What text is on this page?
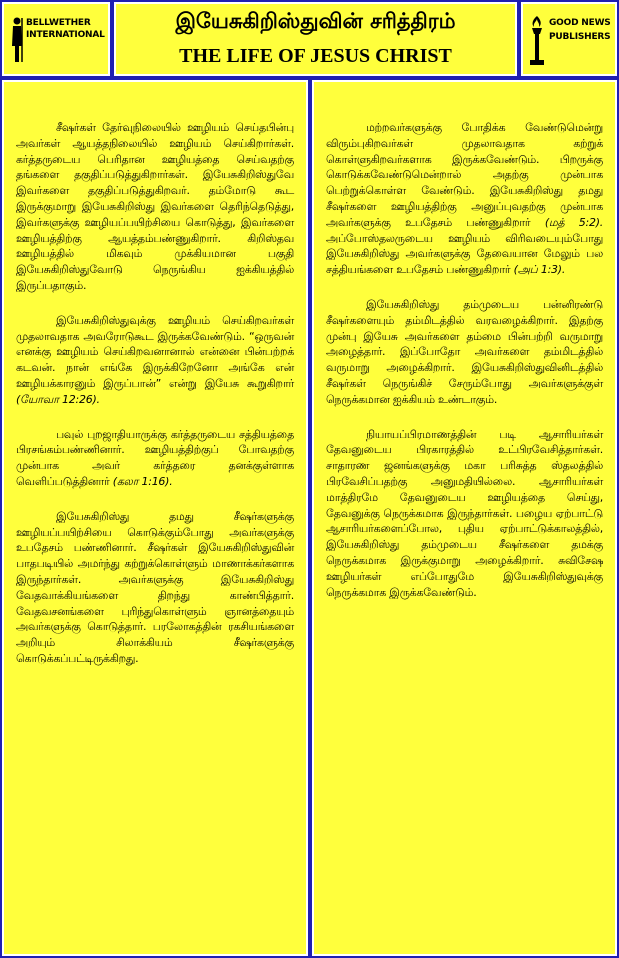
BELLWETHER INTERNATIONAL
இயேசுகிறிஸ்துவின் சரித்திரம்
THE LIFE OF JESUS CHRIST
GOOD NEWS PUBLISHERS

சீஷர்கள் தேர்வுநிலையில் ஊழியம் செய்தபின்பு அவர்கள் ஆயத்தநிலையில் ஊழியம் செய்கிறார்கள். கர்த்தருடைய பெரிதான ஊழியத்தை செய்வதற்கு தங்களை தகுதிப்படுத்துகிறார்கள். இயேசுகிறிஸ்துவே இவர்களை தகுதிப்படுத்துகிறவர். தம்மோடு கூட இருக்குமாறு இயேசுகிறிஸ்து இவர்களை தெரிந்தெடுத்து, இவர்களுக்கு ஊழியப்பயிற்சியை கொடுத்து, இவர்களை ஊழியத்திற்கு ஆயத்தம்பண்ணுகிறார். கிறிஸ்தவ ஊழியத்தில் மிகவும் முக்கியமான பகுதி இயேசுகிறிஸ்துவோடு நெருங்கிய ஐக்கியத்தில் இருப்பதாகும்.

இயேசுகிறிஸ்துவுக்கு ஊழியம் செய்கிறவர்கள் முதலாவதாக அவரோடுகூட இருக்கவேண்டும். “ஒருவன் எனக்கு ஊழியம் செய்கிறவனானால் என்னை பின்பற்றக் கடவன். நான் எங்கே இருக்கிறேனோ அங்கே என் ஊழியக்காரனும் இருப்பான்” என்று இயேசு கூறுகிறார் (யோவா 12:26).

பவுல் புறஜாதியாருக்கு கர்த்தருடைய சத்தியத்தை பிரசங்கம்பண்ணினார். ஊழியத்திற்குப் போவதற்கு முன்பாக அவர் கர்த்தரை தனக்குள்ளாக வெளிப்படுத்தினார் (கலா 1:16).

இயேசுகிறிஸ்து தமது சீஷர்களுக்கு ஊழியப்பயிற்சியை கொடுக்கும்போது அவர்களுக்கு உபதேசம் பண்ணினார். சீஷர்கள் இயேசுகிறிஸ்துவின் பாதபடியில் அமர்ந்து கற்றுக்கொள்ளும் மாணாக்கர்களாக இருந்தார்கள். அவர்களுக்கு இயேசுகிறிஸ்து வேதவாக்கியங்களை திறந்து காண்பித்தார். வேதவசனங்களை புரிந்துகொள்ளும் ஞானத்தையும் அவர்களுக்கு கொடுத்தார். பரலோகத்தின் ரகசியங்களை அறியும் சிலாக்கியம் சீஷர்களுக்கு கொடுக்கப்பட்டிருக்கிறது.

மற்றவர்களுக்கு போதிக்க வேண்டுமென்று விரும்புகிறவர்கள் முதலாவதாக கற்றுக் கொள்ளுகிறவர்களாக இருக்கவேண்டும். பிறருக்கு கொடுக்கவேண்டுமென்றால் அதற்கு முன்பாக பெற்றுக்கொள்ள வேண்டும். இயேசுகிறிஸ்து தமது சீஷர்களை ஊழியத்திற்கு அனுப்புவதற்கு முன்பாக அவர்களுக்கு உபதேசம் பண்ணுகிறார் (மத் 5:2). அப்போஸ்தலருடைய ஊழியம் விரிவடையும்போது இயேசுகிறிஸ்து அவர்களுக்கு தேவையான மேலும் பல சத்தியங்களை உபதேசம் பண்ணுகிறார் (அப் 1:3).

இயேசுகிறிஸ்து தம்முடைய பன்னிரண்டு சீஷர்களையும் தம்மிடத்தில் வரவழைக்கிறார். இதற்கு முன்பு இயேசு அவர்களை தம்மை பின்பற்றி வருமாறு அழைத்தார். இப்போதோ அவர்களை தம்மிடத்தில் வருமாறு அழைக்கிறார். இயேசுகிறிஸ்துவினிடத்தில் சீஷர்கள் நெருங்கிச் சேரும்போது அவர்களுக்குள் நெருக்கமான ஐக்கியம் உண்டாகும்.

நியாயப்பிரமாணத்தின் படி ஆசாரியர்கள் தேவனுடைய பிரகாரத்தில் உட்பிரவேசித்தார்கள். சாதாரண ஜனங்களுக்கு மகா பரிசுத்த ஸ்தலத்தில் பிரவேசிப்பதற்கு அனுமதியில்லை. ஆசாரியர்கள் மாத்திரமே தேவனுடைய ஊழியத்தை செய்து, தேவனுக்கு நெருக்கமாக இருந்தார்கள். பழைய ஏற்பாட்டு ஆசாரியர்களைப்போல, புதிய ஏற்பாட்டுக்காலத்தில், இயேசுகிறிஸ்து தம்முடைய சீஷர்களை தமக்கு நெருக்கமாக இருக்குமாறு அழைக்கிறார். சுவிசேஷ ஊழியர்கள் எப்போதுமே இயேசுகிறிஸ்துவுக்கு நெருக்கமாக இருக்கவேண்டும்.
